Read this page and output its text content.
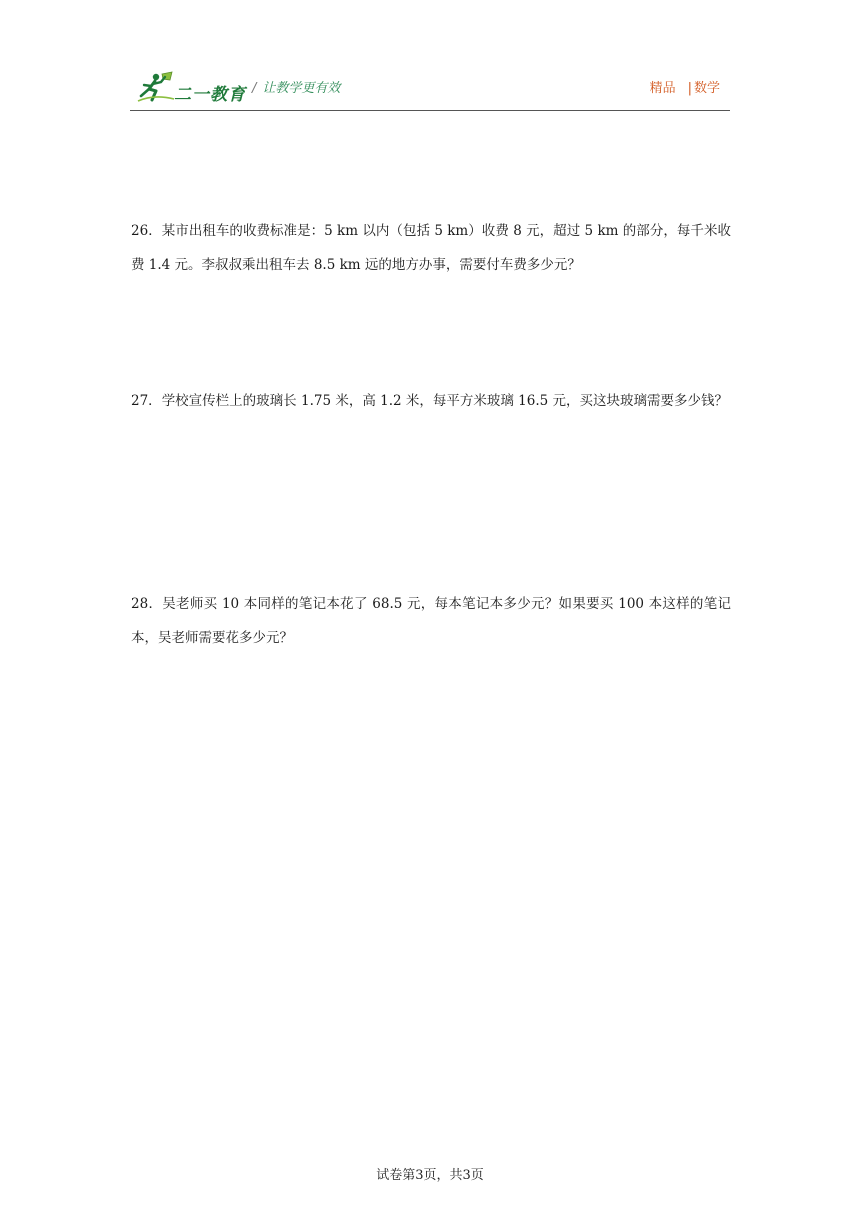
二一教育 / 让教学更有效	精品 | 数学
26．某市出租车的收费标准是：5 km 以内（包括 5 km）收费 8 元，超过 5 km 的部分，每千米收费 1.4 元。李叔叔乘出租车去 8.5 km 远的地方办事，需要付车费多少元？
27．学校宣传栏上的玻璃长 1.75 米，高 1.2 米，每平方米玻璃 16.5 元，买这块玻璃需要多少钱？
28．吴老师买 10 本同样的笔记本花了 68.5 元，每本笔记本多少元？如果要买 100 本这样的笔记本，吴老师需要花多少元？
试卷第3页，共3页
